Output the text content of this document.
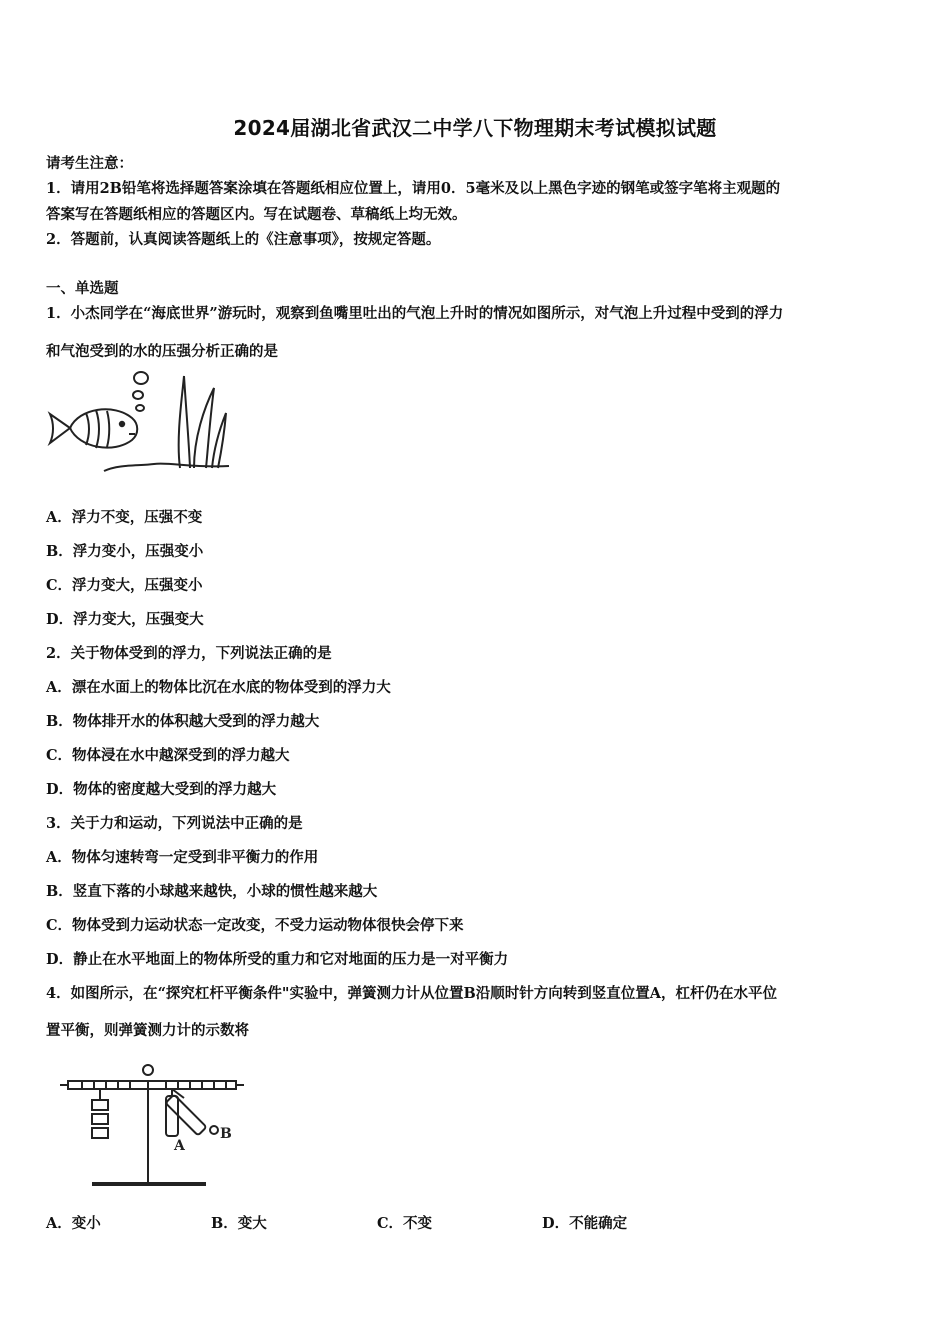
2024届湖北省武汉二中学八下物理期末考试模拟试题
请考生注意：
1．请用2B铅笔将选择题答案涂填在答题纸相应位置上，请用0．5毫米及以上黑色字迹的钢笔或签字笔将主观题的
答案写在答题纸相应的答题区内。写在试题卷、草稿纸上均无效。
2．答题前，认真阅读答题纸上的《注意事项》，按规定答题。
一、单选题
1．小杰同学在“海底世界”游玩时，观察到鱼嘴里吐出的气泡上升时的情况如图所示，对气泡上升过程中受到的浮力
和气泡受到的水的压强分析正确的是
A．浮力不变，压强不变
B．浮力变小，压强变小
C．浮力变大，压强变小
D．浮力变大，压强变大
2．关于物体受到的浮力，下列说法正确的是
A．漂在水面上的物体比沉在水底的物体受到的浮力大
B．物体排开水的体积越大受到的浮力越大
C．物体浸在水中越深受到的浮力越大
D．物体的密度越大受到的浮力越大
3．关于力和运动，下列说法中正确的是
A．物体匀速转弯一定受到非平衡力的作用
B．竖直下落的小球越来越快，小球的惯性越来越大
C．物体受到力运动状态一定改变，不受力运动物体很快会停下来
D．静止在水平地面上的物体所受的重力和它对地面的压力是一对平衡力
4．如图所示，在“探究杠杆平衡条件"实验中，弹簧测力计从位置B沿顺时针方向转到竖直位置A，杠杆仍在水平位
置平衡，则弹簧测力计的示数将
A
B
A．变小	B．变大	C．不变	D．不能确定
